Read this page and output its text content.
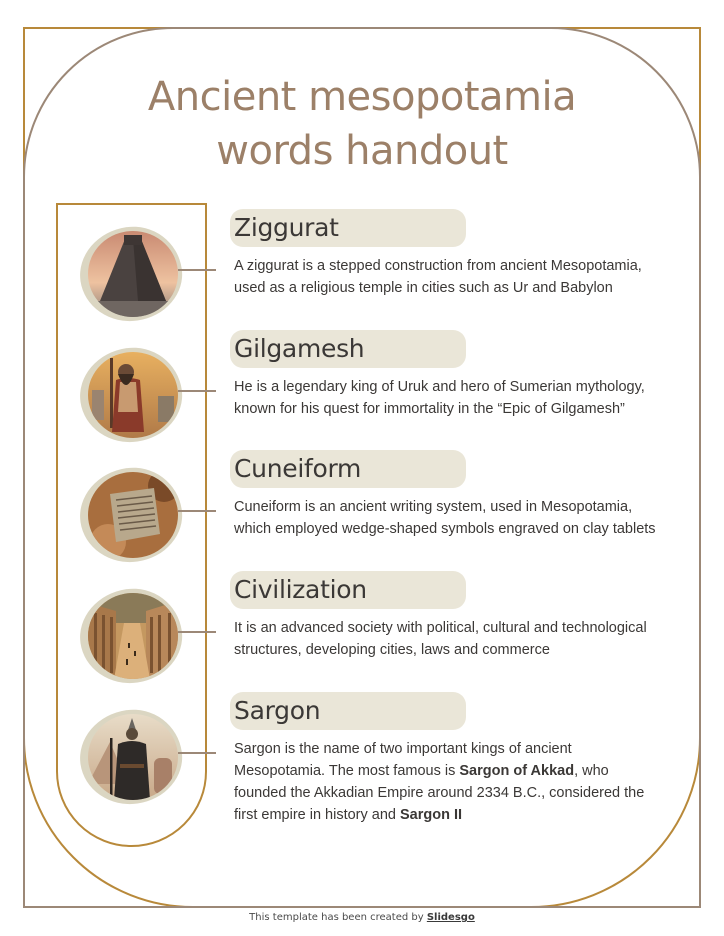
Ancient mesopotamia
words handout
Ziggurat
A ziggurat is a stepped construction from ancient Mesopotamia, used as a religious temple in cities such as Ur and Babylon
Gilgamesh
He is a legendary king of Uruk and hero of Sumerian mythology, known for his quest for immortality in the “Epic of Gilgamesh”
Cuneiform
Cuneiform is an ancient writing system, used in Mesopotamia, which employed wedge-shaped symbols engraved on clay tablets
Civilization
It is an advanced society with political, cultural and technological structures, developing cities, laws and commerce
Sargon
Sargon is the name of two important kings of ancient Mesopotamia. The most famous is Sargon of Akkad, who founded the Akkadian Empire around 2334 B.C., considered the first empire in history and Sargon II
This template has been created by Slidesgo
